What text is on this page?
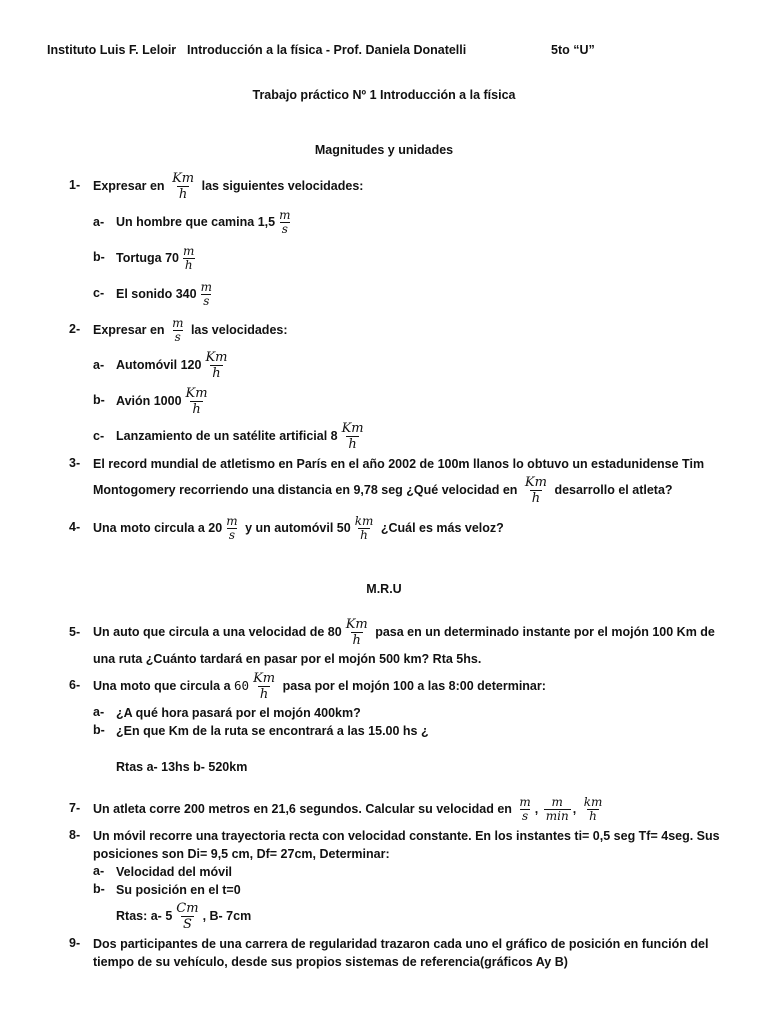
Instituto Luis F. Leloir Introducción a la física - Prof. Daniela Donatelli	5to “U”
Trabajo práctico Nº 1 Introducción a la física
Magnitudes y unidades
1- Expresar en $\frac{Km}{h}$ las siguientes velocidades:
a- Un hombre que camina $1,5 \frac{m}{s}$
b- Tortuga $70 \frac{m}{h}$
c- El sonido $340 \frac{m}{s}$
2- Expresar en $\frac{m}{s}$ las velocidades:
a- Automóvil $120 \frac{Km}{h}$
b- Avión $1000 \frac{Km}{h}$
c- Lanzamiento de un satélite artificial $8 \frac{Km}{h}$
3- El record mundial de atletismo en París en el año 2002 de 100m llanos lo obtuvo un estadunidense Tim
Montogomery recorriendo una distancia en 9,78 seg ¿Qué velocidad en $\frac{Km}{h}$ desarrollo el atleta?
4- Una moto circula a $20 \frac{m}{s}$ y un automóvil $50 \frac{km}{h}$ ¿Cuál es más veloz?
M.R.U
5- Un auto que circula a una velocidad de $80 \frac{Km}{h}$ pasa en un determinado instante por el mojón 100 Km de
una ruta ¿Cuánto tardará en pasar por el mojón 500 km? Rta 5hs.
6- Una moto que circula a $60 \frac{Km}{h}$ pasa por el mojón 100 a las 8:00 determinar:
a- ¿A qué hora pasará por el mojón 400km?
b- ¿En que Km de la ruta se encontrará a las 15.00 hs ¿
Rtas a- 13hs b- 520km
7- Un atleta corre 200 metros en 21,6 segundos. Calcular su velocidad en $\frac{m}{s}$ , $\frac{m}{\min}$ , $\frac{km}{h}$
8- Un móvil recorre una trayectoria recta con velocidad constante. En los instantes ti= 0,5 seg Tf= 4seg. Sus
posiciones son Di= 9,5 cm, Df= 27cm, Determinar:
a- Velocidad del móvil
b- Su posición en el t=0
Rtas: a- $5 \frac{Cm}{S}$ , B- 7cm
9- Dos participantes de una carrera de regularidad trazaron cada uno el gráfico de posición en función del
tiempo de su vehículo, desde sus propios sistemas de referencia(gráficos Ay B)
